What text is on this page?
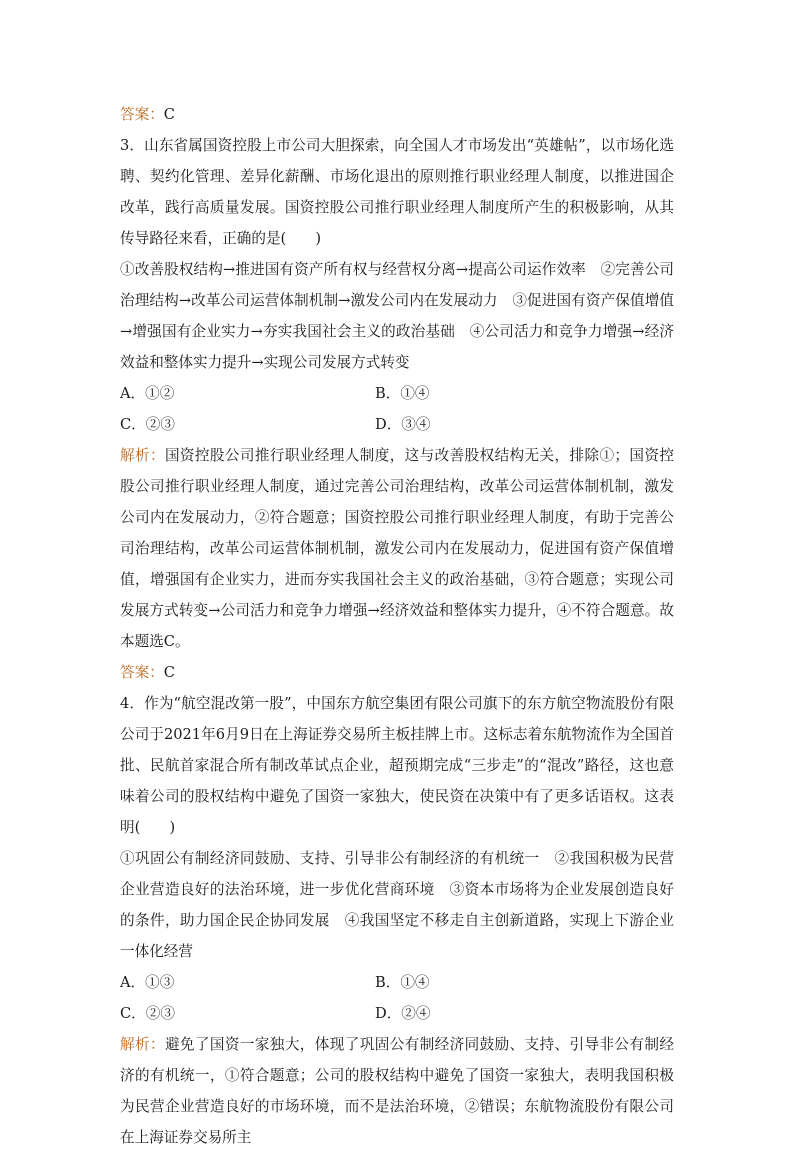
答案：C

3．山东省属国资控股上市公司大胆探索，向全国人才市场发出“英雄帖”，以市场化选聘、契约化管理、差异化薪酬、市场化退出的原则推行职业经理人制度，以推进国企改革，践行高质量发展。国资控股公司推行职业经理人制度所产生的积极影响，从其传导路径来看，正确的是(　　)

①改善股权结构→推进国有资产所有权与经营权分离→提高公司运作效率　②完善公司治理结构→改革公司运营体制机制→激发公司内在发展动力　③促进国有资产保值增值→增强国有企业实力→夯实我国社会主义的政治基础　④公司活力和竞争力增强→经济效益和整体实力提升→实现公司发展方式转变

A．①②	B．①④
C．②③	D．③④

解析：国资控股公司推行职业经理人制度，这与改善股权结构无关，排除①；国资控股公司推行职业经理人制度，通过完善公司治理结构，改革公司运营体制机制，激发公司内在发展动力，②符合题意；国资控股公司推行职业经理人制度，有助于完善公司治理结构，改革公司运营体制机制，激发公司内在发展动力，促进国有资产保值增值，增强国有企业实力，进而夯实我国社会主义的政治基础，③符合题意；实现公司发展方式转变→公司活力和竞争力增强→经济效益和整体实力提升，④不符合题意。故本题选C。

答案：C

4．作为“航空混改第一股”，中国东方航空集团有限公司旗下的东方航空物流股份有限公司于2021年6月9日在上海证券交易所主板挂牌上市。这标志着东航物流作为全国首批、民航首家混合所有制改革试点企业，超预期完成“三步走”的“混改”路径，这也意味着公司的股权结构中避免了国资一家独大，使民资在决策中有了更多话语权。这表明(　　)

①巩固公有制经济同鼓励、支持、引导非公有制经济的有机统一　②我国积极为民营企业营造良好的法治环境，进一步优化营商环境　③资本市场将为企业发展创造良好的条件，助力国企民企协同发展　④我国坚定不移走自主创新道路，实现上下游企业一体化经营

A．①③	B．①④
C．②③	D．②④

解析：避免了国资一家独大，体现了巩固公有制经济同鼓励、支持、引导非公有制经济的有机统一，①符合题意；公司的股权结构中避免了国资一家独大，表明我国积极为民营企业营造良好的市场环境，而不是法治环境，②错误；东航物流股份有限公司在上海证券交易所主
